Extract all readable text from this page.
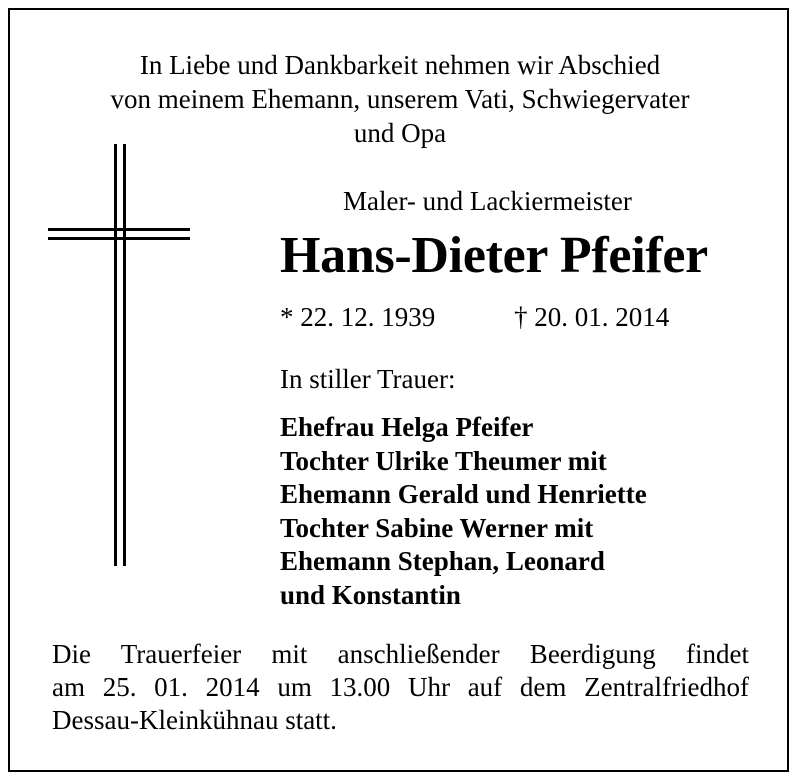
In Liebe und Dankbarkeit nehmen wir Abschied
von meinem Ehemann, unserem Vati, Schwiegervater
und Opa
Maler- und Lackiermeister
Hans-Dieter Pfeifer
* 22. 12. 1939	† 20. 01. 2014
In stiller Trauer:
Ehefrau Helga Pfeifer
Tochter Ulrike Theumer mit
Ehemann Gerald und Henriette
Tochter Sabine Werner mit
Ehemann Stephan, Leonard
und Konstantin
Die Trauerfeier mit anschließender Beerdigung findet
am 25. 01. 2014 um 13.00 Uhr auf dem Zentralfriedhof
Dessau-Kleinkühnau statt.
